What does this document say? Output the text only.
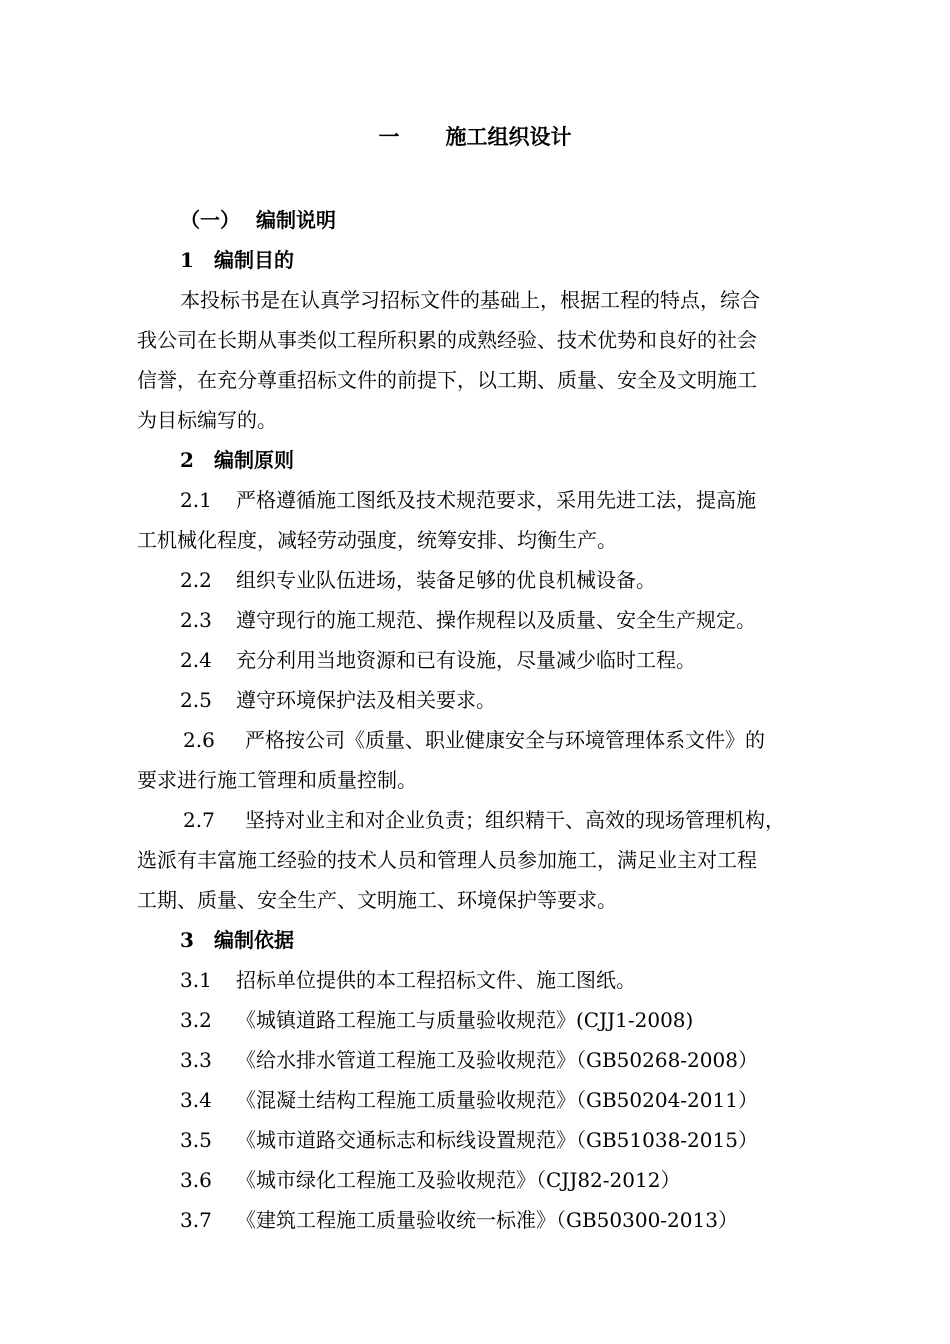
一 施工组织设计
（一） 编制说明
1 编制目的
本投标书是在认真学习招标文件的基础上，根据工程的特点，综合
我公司在长期从事类似工程所积累的成熟经验、技术优势和良好的社会
信誉，在充分尊重招标文件的前提下，以工期、质量、安全及文明施工
为目标编写的。
2 编制原则
2.1 严格遵循施工图纸及技术规范要求，采用先进工法，提高施
工机械化程度，减轻劳动强度，统筹安排、均衡生产。
2.2 组织专业队伍进场，装备足够的优良机械设备。
2.3 遵守现行的施工规范、操作规程以及质量、安全生产规定。
2.4 充分利用当地资源和已有设施，尽量减少临时工程。
2.5 遵守环境保护法及相关要求。
2.6 严格按公司《质量、职业健康安全与环境管理体系文件》的
要求进行施工管理和质量控制。
2.7 坚持对业主和对企业负责；组织精干、高效的现场管理机构，
选派有丰富施工经验的技术人员和管理人员参加施工，满足业主对工程
工期、质量、安全生产、文明施工、环境保护等要求。
3 编制依据
3.1 招标单位提供的本工程招标文件、施工图纸。
3.2 《城镇道路工程施工与质量验收规范》(CJJ1-2008)
3.3 《给水排水管道工程施工及验收规范》（GB50268-2008）
3.4 《混凝土结构工程施工质量验收规范》（GB50204-2011）
3.5 《城市道路交通标志和标线设置规范》（GB51038-2015）
3.6 《城市绿化工程施工及验收规范》（CJJ82-2012）
3.7 《建筑工程施工质量验收统一标准》（GB50300-2013）
